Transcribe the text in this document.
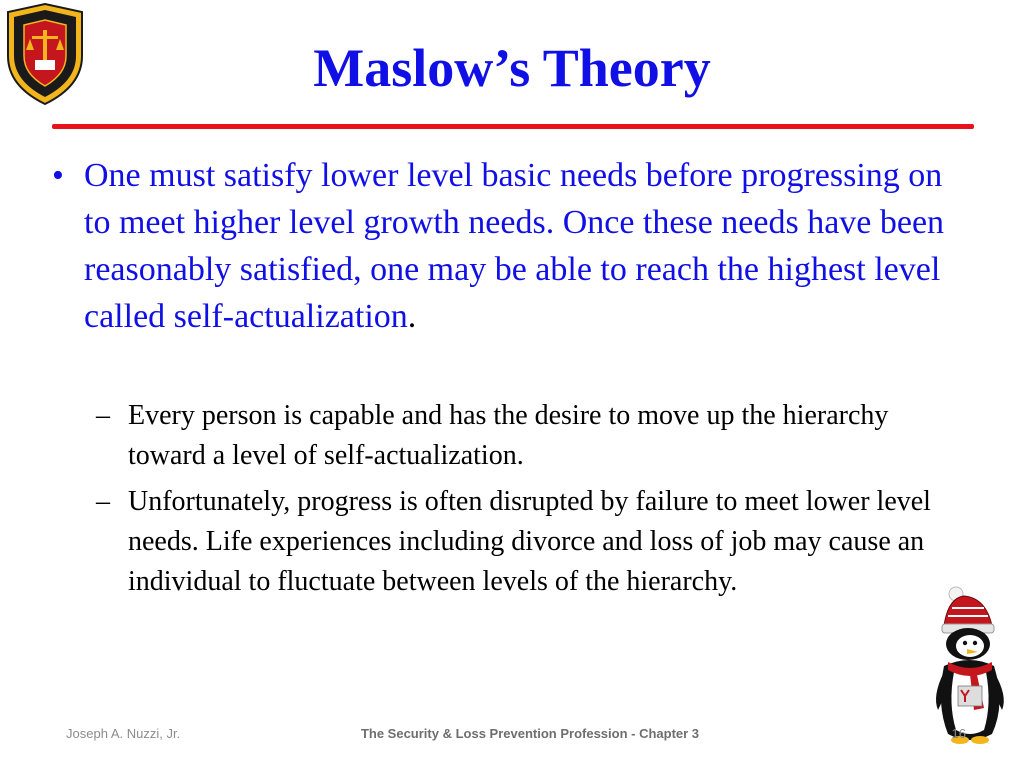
Maslow’s Theory
• One must satisfy lower level basic needs before progressing on to meet higher level growth needs. Once these needs have been reasonably satisfied, one may be able to reach the highest level called self-actualization.
– Every person is capable and has the desire to move up the hierarchy toward a level of self-actualization.
– Unfortunately, progress is often disrupted by failure to meet lower level needs. Life experiences including divorce and loss of job may cause an individual to fluctuate between levels of the hierarchy.
Joseph A. Nuzzi, Jr.	The Security & Loss Prevention Profession - Chapter 3	16
